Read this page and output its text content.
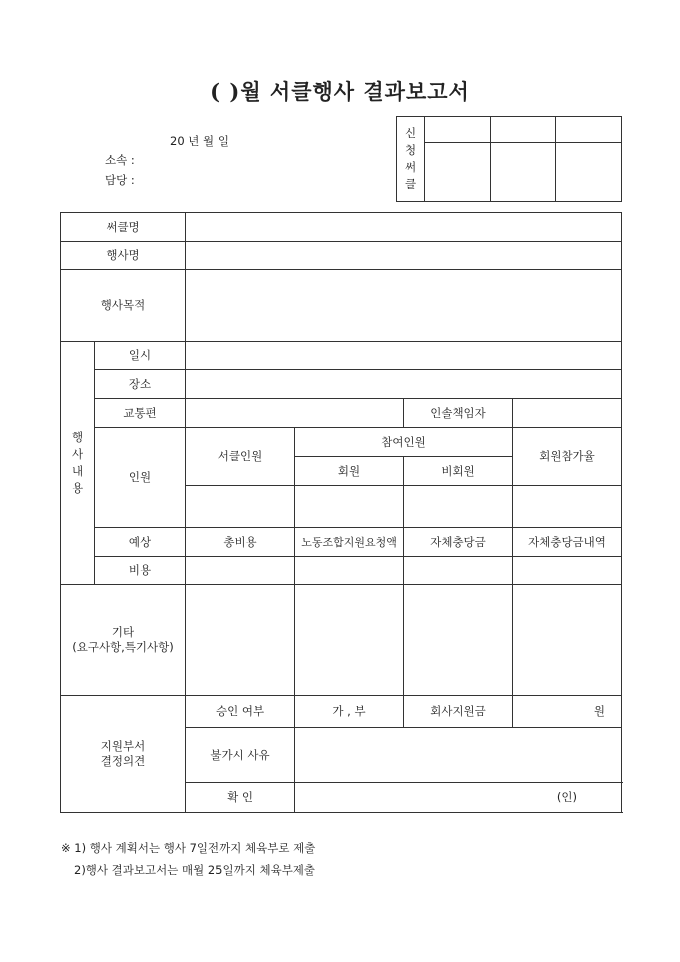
( )월 서클행사 결과보고서
20 년 월 일
소속 :
담당 :
신
청
써
클			

써클명					
행사명					
행사목적					
행
사
내
용	일시				
	장소				
	교통편			인솔책임자	
	인원	서클인원	참여인원		회원참가율
			회원	비회원	

	예상	총비용	노동조합지원요청액	자체충당금	자체충당금내역
	비용				

기타
(요구사항,특기사항)					
지원부서
결정의견		승인 여부	가 , 부	회사지원금	원
		불가시 사유			
		확 인	(인)		
※ 1) 행사 계획서는 행사 7일전까지 체육부로 제출
2)행사 결과보고서는 매월 25일까지 체육부제출
